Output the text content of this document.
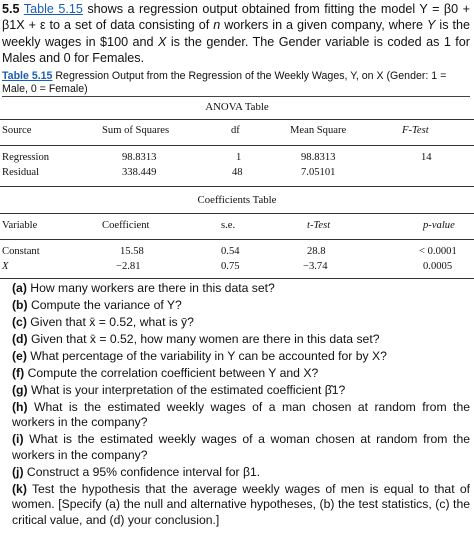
5.5 Table 5.15 shows a regression output obtained from fitting the model Y = β0 + β1X + ε to a set of data consisting of n workers in a given company, where Y is the weekly wages in $100 and X is the gender. The Gender variable is coded as 1 for Males and 0 for Females.
Table 5.15 Regression Output from the Regression of the Weekly Wages, Y, on X (Gender: 1 = Male, 0 = Female)
ANOVA Table
Source	Sum of Squares	df	Mean Square	F-Test
Regression	98.8313	1	98.8313	14
Residual	338.449	48	7.05101
Coefficients Table
Variable	Coefficient	s.e.	t-Test	p-value
Constant	15.58	0.54	28.8	< 0.0001
X	−2.81	0.75	−3.74	0.0005
(a) How many workers are there in this data set?
(b) Compute the variance of Y?
(c) Given that x̄ = 0.52, what is ȳ?
(d) Given that x̄ = 0.52, how many women are there in this data set?
(e) What percentage of the variability in Y can be accounted for by X?
(f) Compute the correlation coefficient between Y and X?
(g) What is your interpretation of the estimated coefficient β̂1?
(h) What is the estimated weekly wages of a man chosen at random from the workers in the company?
(i) What is the estimated weekly wages of a woman chosen at random from the workers in the company?
(j) Construct a 95% confidence interval for β1.
(k) Test the hypothesis that the average weekly wages of men is equal to that of women. [Specify (a) the null and alternative hypotheses, (b) the test statistics, (c) the critical value, and (d) your conclusion.]
